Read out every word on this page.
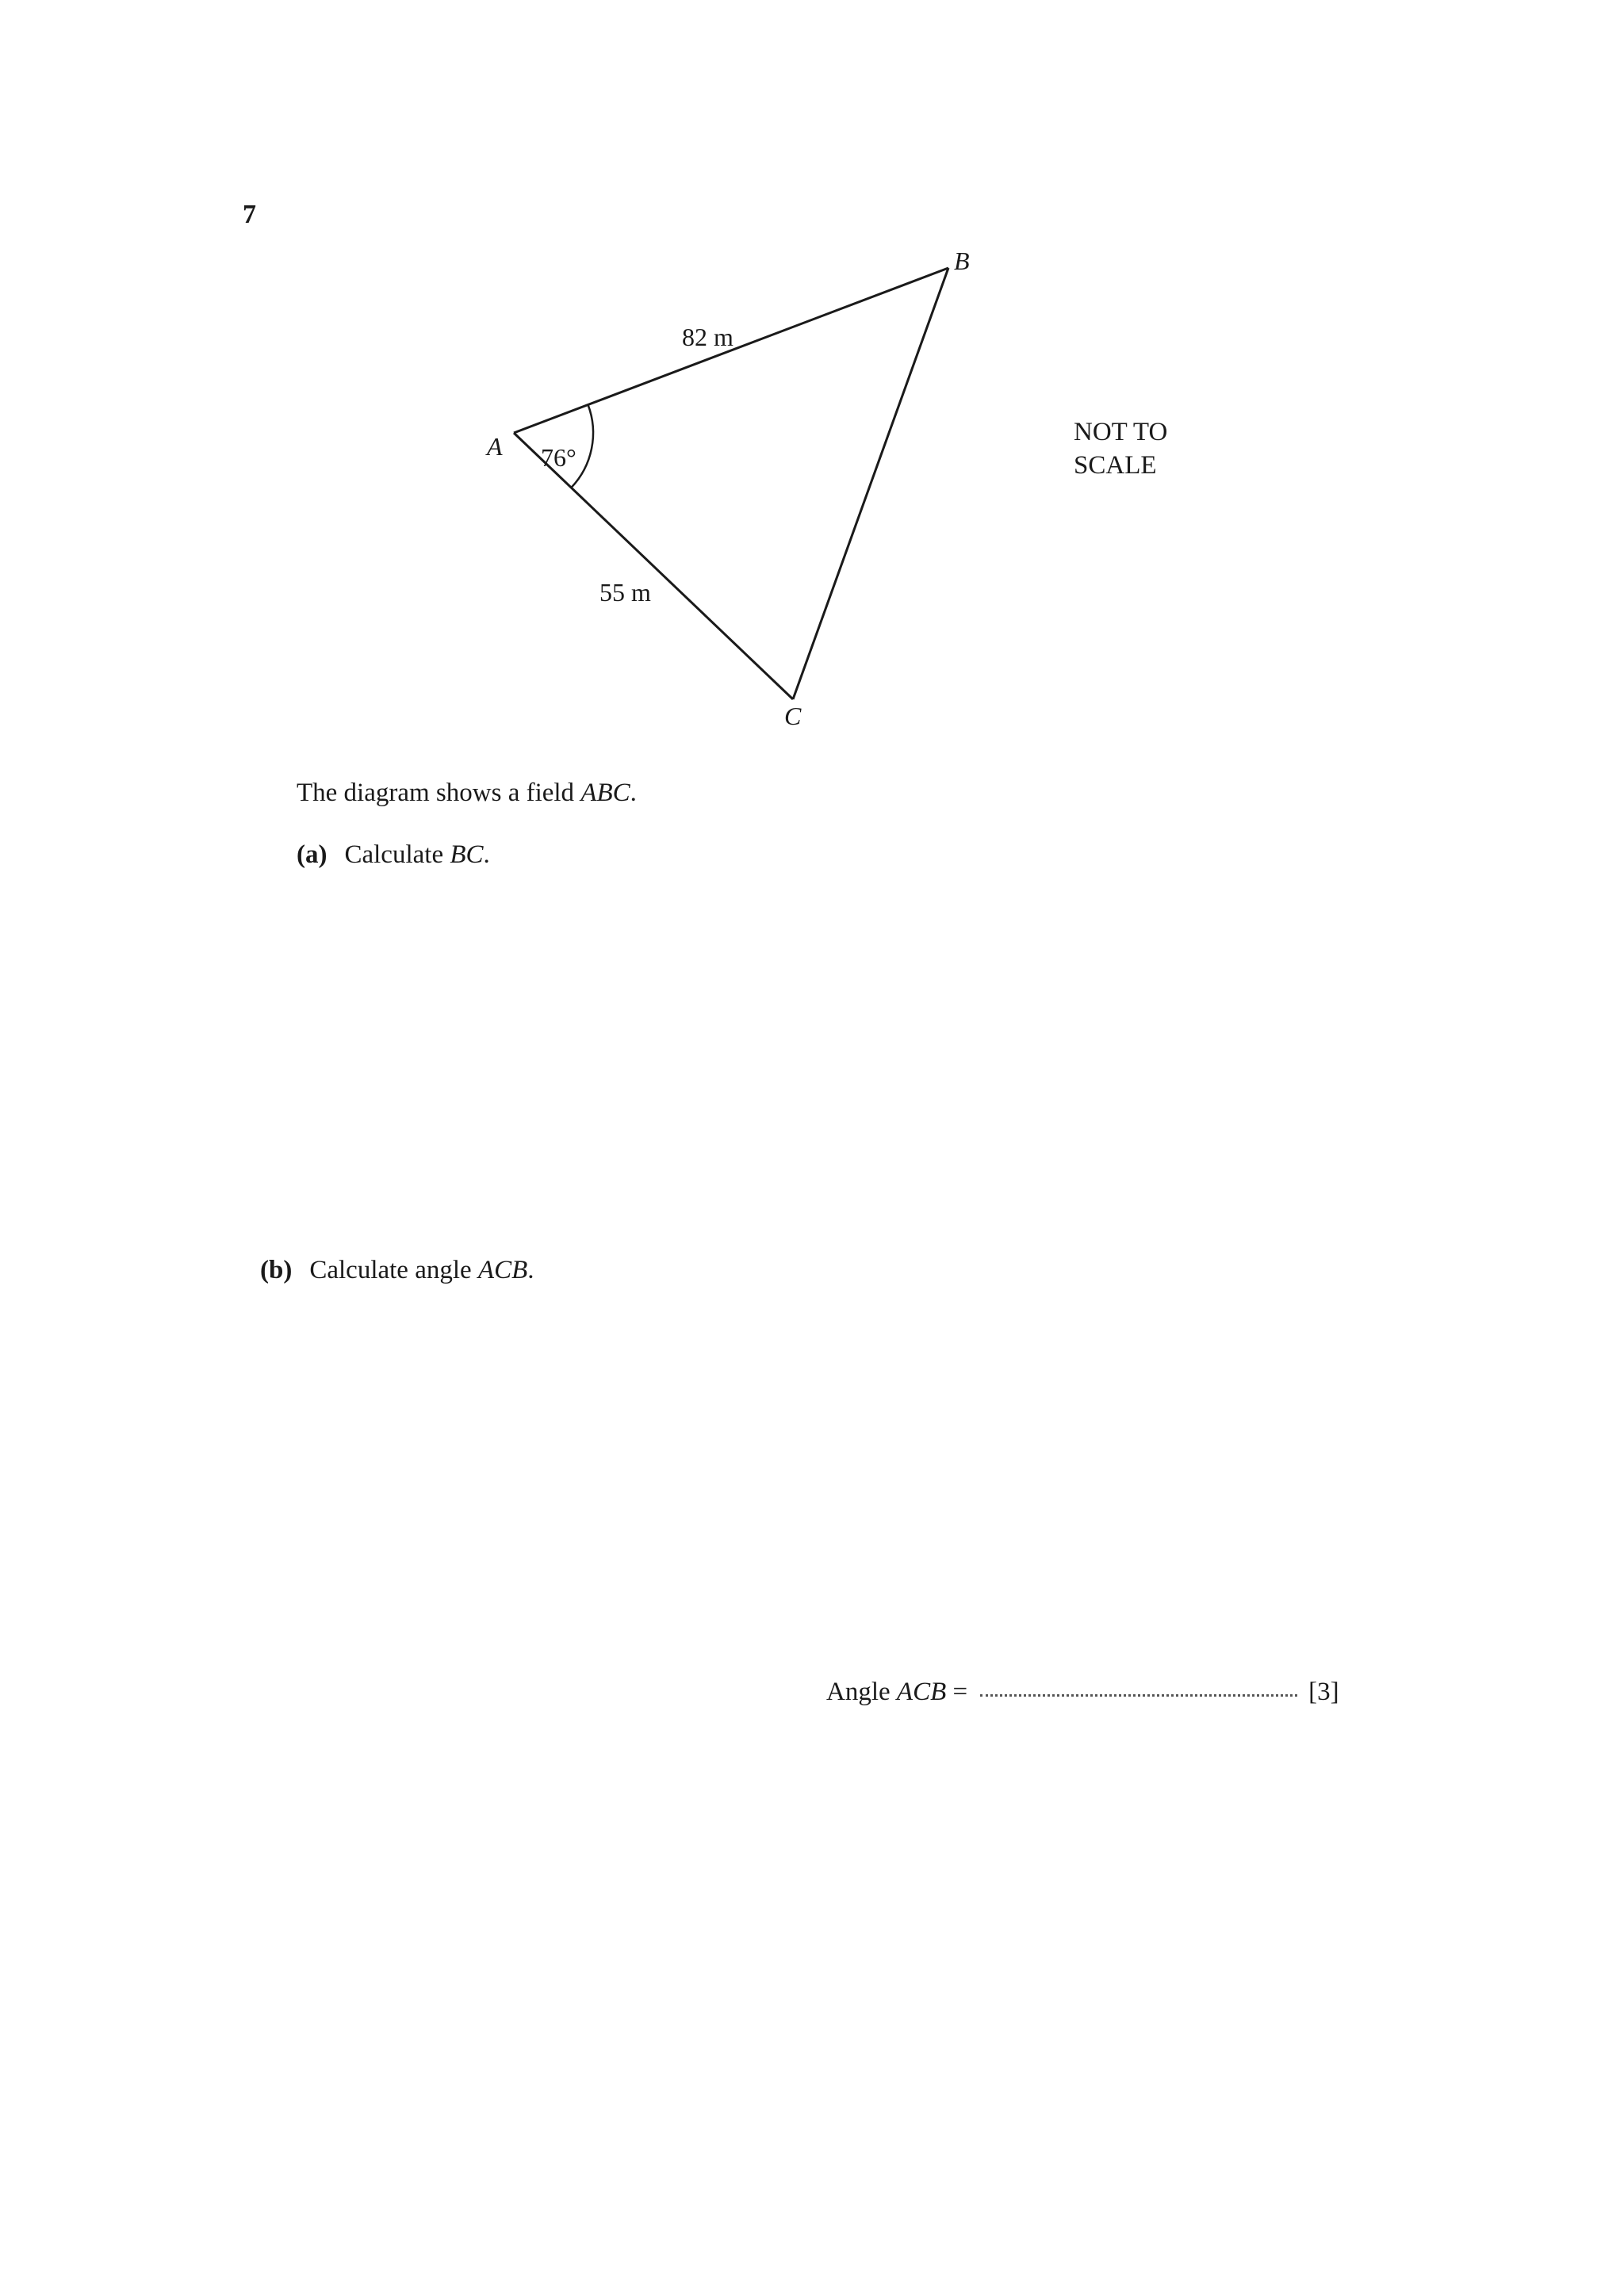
7
A
B
C
82 m
55 m
76°
NOT TO
SCALE
The diagram shows a field ABC.
(a) Calculate BC.
(b) Calculate angle ACB.
Angle ACB =	[3]
